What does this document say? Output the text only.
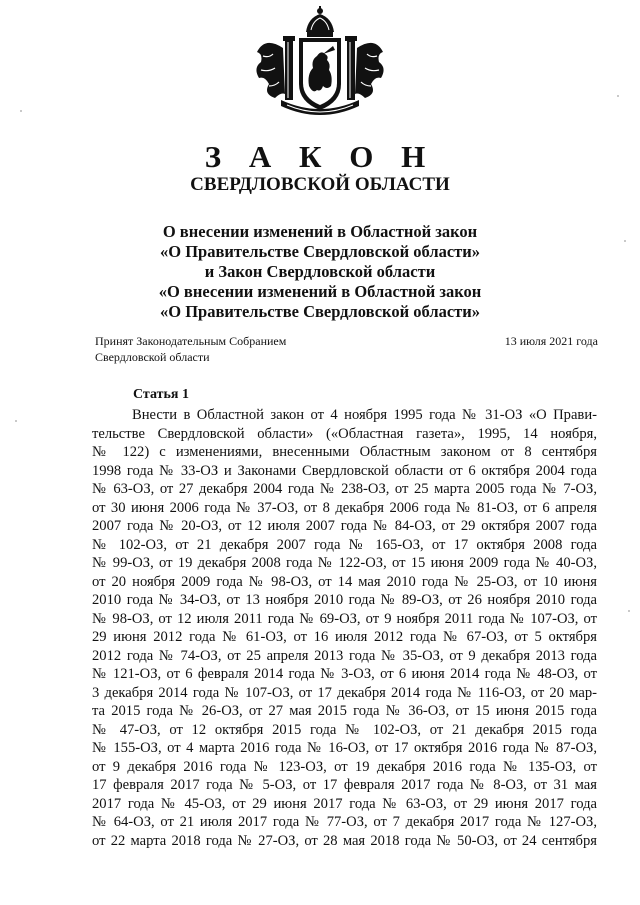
З А К О Н
СВЕРДЛОВСКОЙ ОБЛАСТИ
О внесении изменений в Областной закон
«О Правительстве Свердловской области»
и Закон Свердловской области
«О внесении изменений в Областной закон
«О Правительстве Свердловской области»
Принят Законодательным Собранием
Свердловской области
13 июля 2021 года
Статья 1
Внести в Областной закон от 4 ноября 1995 года № 31-ОЗ «О Прави-
тельстве Свердловской области» («Областная газета», 1995, 14 ноября,
№ 122) с изменениями, внесенными Областным законом от 8 сентября
1998 года № 33-ОЗ и Законами Свердловской области от 6 октября 2004 года
№ 63-ОЗ, от 27 декабря 2004 года № 238-ОЗ, от 25 марта 2005 года № 7-ОЗ,
от 30 июня 2006 года № 37-ОЗ, от 8 декабря 2006 года № 81-ОЗ, от 6 апреля
2007 года № 20-ОЗ, от 12 июля 2007 года № 84-ОЗ, от 29 октября 2007 года
№ 102-ОЗ, от 21 декабря 2007 года № 165-ОЗ, от 17 октября 2008 года
№ 99-ОЗ, от 19 декабря 2008 года № 122-ОЗ, от 15 июня 2009 года № 40-ОЗ,
от 20 ноября 2009 года № 98-ОЗ, от 14 мая 2010 года № 25-ОЗ, от 10 июня
2010 года № 34-ОЗ, от 13 ноября 2010 года № 89-ОЗ, от 26 ноября 2010 года
№ 98-ОЗ, от 12 июля 2011 года № 69-ОЗ, от 9 ноября 2011 года № 107-ОЗ, от
29 июня 2012 года № 61-ОЗ, от 16 июля 2012 года № 67-ОЗ, от 5 октября
2012 года № 74-ОЗ, от 25 апреля 2013 года № 35-ОЗ, от 9 декабря 2013 года
№ 121-ОЗ, от 6 февраля 2014 года № 3-ОЗ, от 6 июня 2014 года № 48-ОЗ, от
3 декабря 2014 года № 107-ОЗ, от 17 декабря 2014 года № 116-ОЗ, от 20 мар-
та 2015 года № 26-ОЗ, от 27 мая 2015 года № 36-ОЗ, от 15 июня 2015 года
№ 47-ОЗ, от 12 октября 2015 года № 102-ОЗ, от 21 декабря 2015 года
№ 155-ОЗ, от 4 марта 2016 года № 16-ОЗ, от 17 октября 2016 года № 87-ОЗ,
от 9 декабря 2016 года № 123-ОЗ, от 19 декабря 2016 года № 135-ОЗ, от
17 февраля 2017 года № 5-ОЗ, от 17 февраля 2017 года № 8-ОЗ, от 31 мая
2017 года № 45-ОЗ, от 29 июня 2017 года № 63-ОЗ, от 29 июня 2017 года
№ 64-ОЗ, от 21 июля 2017 года № 77-ОЗ, от 7 декабря 2017 года № 127-ОЗ,
от 22 марта 2018 года № 27-ОЗ, от 28 мая 2018 года № 50-ОЗ, от 24 сентября
